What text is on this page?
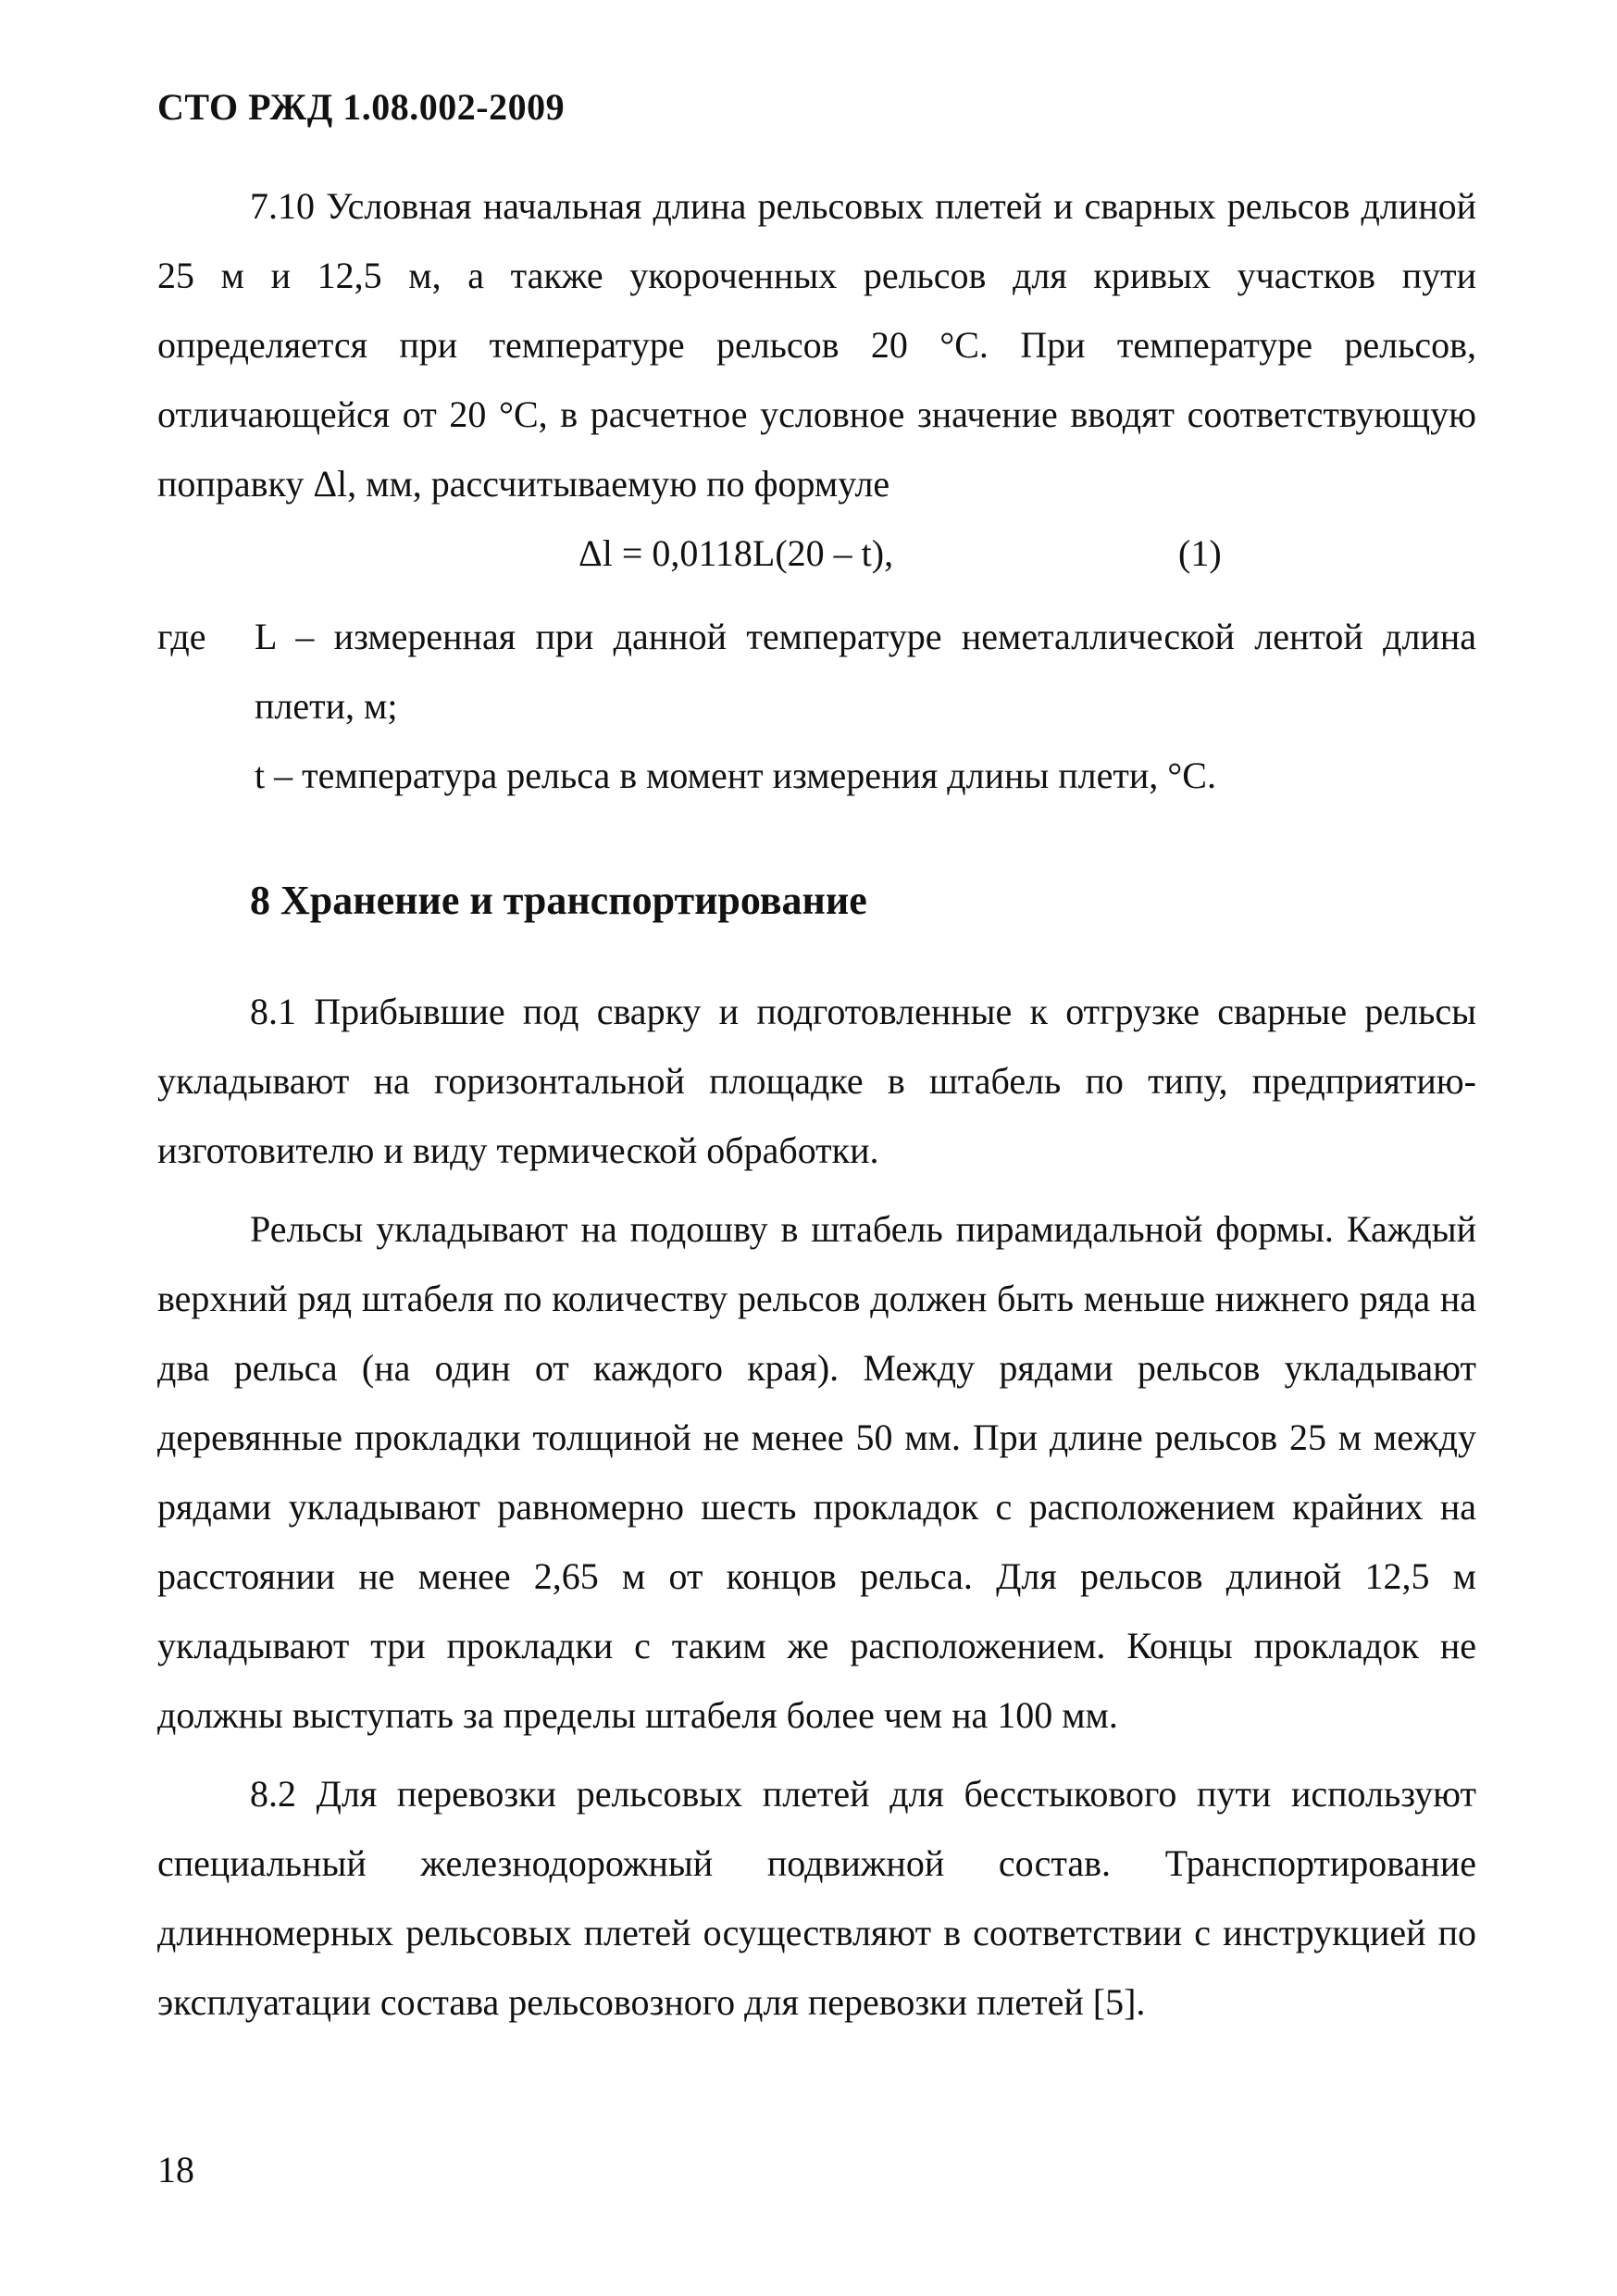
СТО РЖД 1.08.002-2009

7.10 Условная начальная длина рельсовых плетей и сварных рельсов длиной 25 м и 12,5 м, а также укороченных рельсов для кривых участков пути определяется при температуре рельсов 20 °С. При температуре рельсов, отличающейся от 20 °С, в расчетное условное значение вводят соответствующую поправку Δl, мм, рассчитываемую по формуле

Δl = 0,0118L(20 – t),	(1)
где L – измеренная при данной температуре неметаллической лентой длина плети, м;

t – температура рельса в момент измерения длины плети, °С.

8 Хранение и транспортирование

8.1 Прибывшие под сварку и подготовленные к отгрузке сварные рельсы укладывают на горизонтальной площадке в штабель по типу, предприятию-изготовителю и виду термической обработки.

Рельсы укладывают на подошву в штабель пирамидальной формы. Каждый верхний ряд штабеля по количеству рельсов должен быть меньше нижнего ряда на два рельса (на один от каждого края). Между рядами рельсов укладывают деревянные прокладки толщиной не менее 50 мм. При длине рельсов 25 м между рядами укладывают равномерно шесть прокладок с расположением крайних на расстоянии не менее 2,65 м от концов рельса. Для рельсов длиной 12,5 м укладывают три прокладки с таким же расположением. Концы прокладок не должны выступать за пределы штабеля более чем на 100 мм.

8.2 Для перевозки рельсовых плетей для бесстыкового пути используют специальный железнодорожный подвижной состав. Транспортирование длинномерных рельсовых плетей осуществляют в соответствии с инструкцией по эксплуатации состава рельсовозного для перевозки плетей [5].

18
